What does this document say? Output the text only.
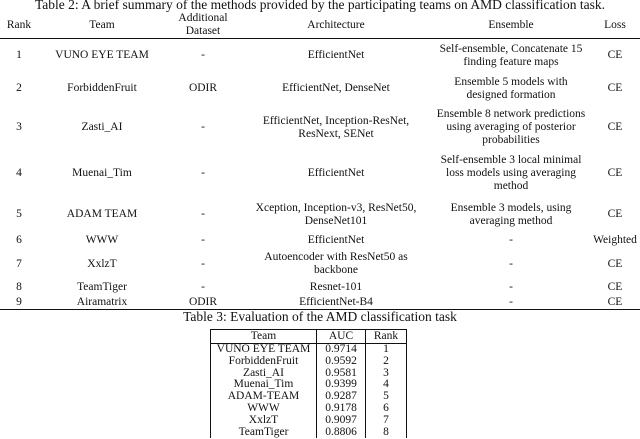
Table 2: A brief summary of the methods provided by the participating teams on AMD classification task.
Rank	Team	Additional Dataset	Architecture	Ensemble	Loss
1	VUNO EYE TEAM	-	EfficientNet	Self-ensemble, Concatenate 15 finding feature maps	CE
2	ForbiddenFruit	ODIR	EfficientNet, DenseNet	Ensemble 5 models with designed formation	CE
3	Zasti_AI	-	EfficientNet, Inception-ResNet, ResNext, SENet	Ensemble 8 network predictions using averaging of posterior probabilities	CE
4	Muenai_Tim	-	EfficientNet	Self-ensemble 3 local minimal loss models using averaging method	CE
5	ADAM TEAM	-	Xception, Inception-v3, ResNet50, DenseNet101	Ensemble 3 models, using averaging method	CE
6	WWW	-	EfficientNet	-	Weighted
7	XxlzT	-	Autoencoder with ResNet50 as backbone	-	CE
8	TeamTiger	-	Resnet-101	-	CE
9	Airamatrix	ODIR	EfficientNet-B4	-	CE
Table 3: Evaluation of the AMD classification task
Team	AUC	Rank
VUNO EYE TEAM	0.9714	1
ForbiddenFruit	0.9592	2
Zasti_AI	0.9581	3
Muenai_Tim	0.9399	4
ADAM-TEAM	0.9287	5
WWW	0.9178	6
XxlzT	0.9097	7
TeamTiger	0.8806	8
